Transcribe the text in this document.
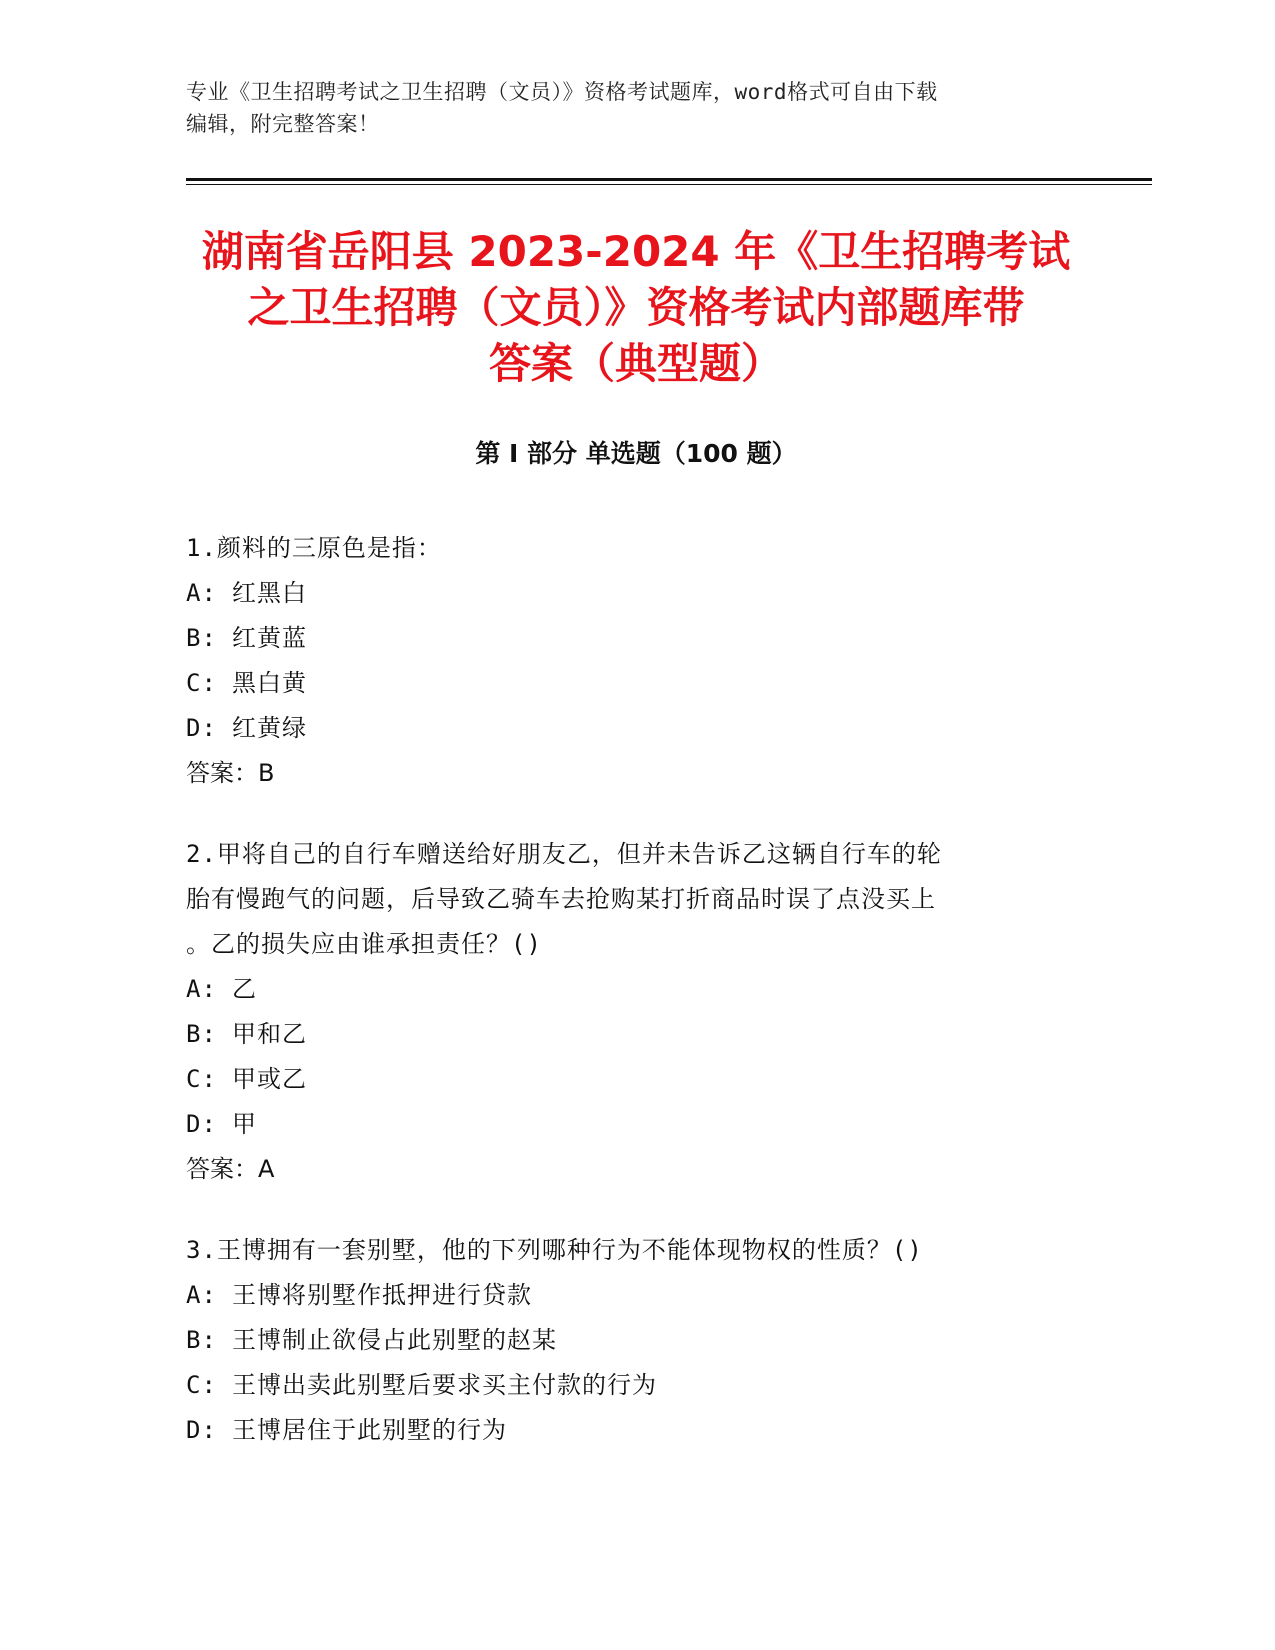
专业《卫生招聘考试之卫生招聘（文员）》资格考试题库，word格式可自由下载
编辑，附完整答案！
湖南省岳阳县 2023-2024 年《卫生招聘考试
之卫生招聘（文员）》资格考试内部题库带
答案（典型题）
第 I 部分 单选题（100 题）

1.颜料的三原色是指：

A: 红黑白

B: 红黄蓝

C: 黑白黄

D: 红黄绿

答案：B

2.甲将自己的自行车赠送给好朋友乙，但并未告诉乙这辆自行车的轮

胎有慢跑气的问题，后导致乙骑车去抢购某打折商品时误了点没买上

。乙的损失应由谁承担责任？()

A: 乙

B: 甲和乙

C: 甲或乙

D: 甲

答案：A

3.王博拥有一套别墅，他的下列哪种行为不能体现物权的性质？()

A: 王博将别墅作抵押进行贷款

B: 王博制止欲侵占此别墅的赵某

C: 王博出卖此别墅后要求买主付款的行为

D: 王博居住于此别墅的行为
